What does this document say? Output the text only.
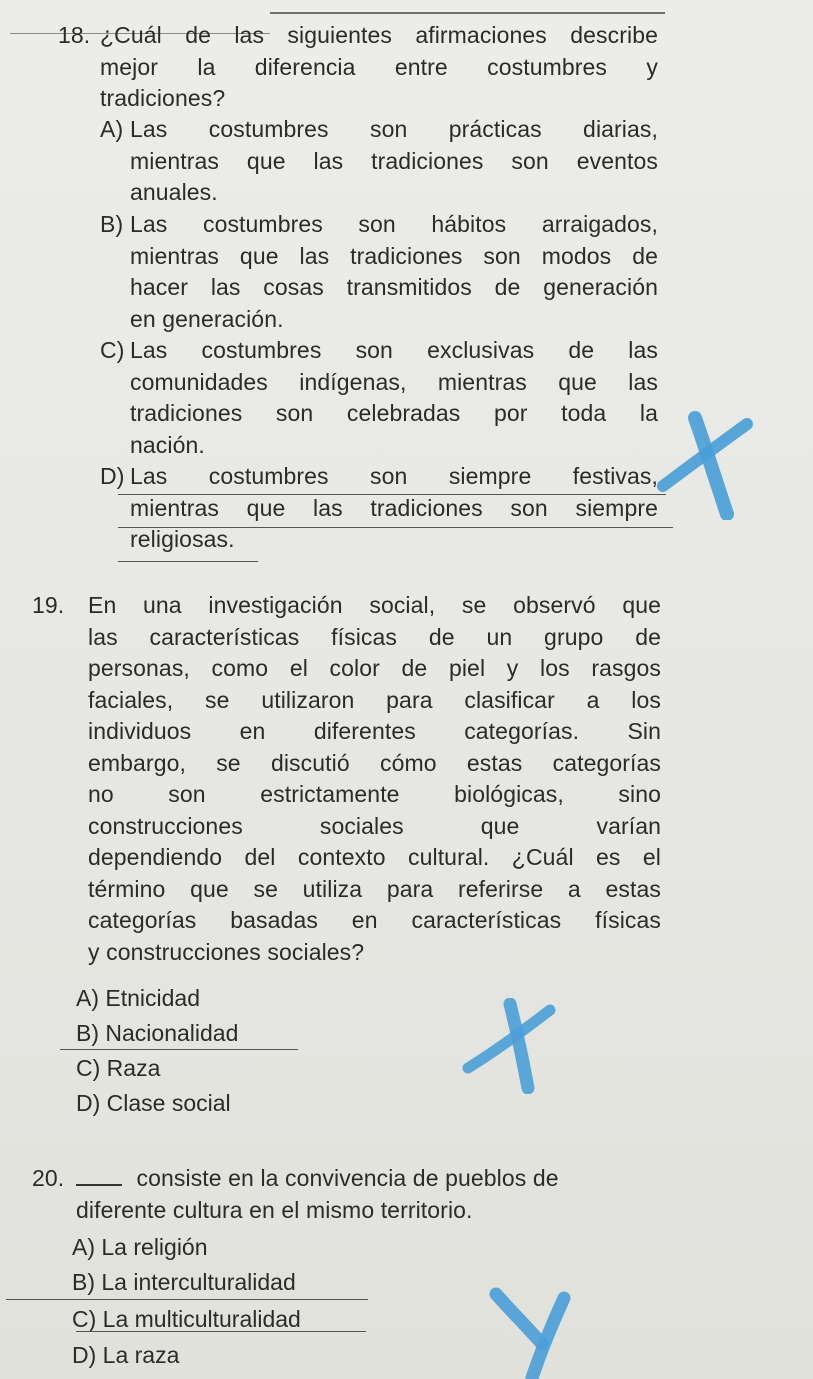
18. ¿Cuál de las siguientes afirmaciones describe
mejor la diferencia entre costumbres y
tradiciones?
A) Las costumbres son prácticas diarias,
mientras que las tradiciones son eventos
anuales.
B) Las costumbres son hábitos arraigados,
mientras que las tradiciones son modos de
hacer las cosas transmitidos de generación
en generación.
C) Las costumbres son exclusivas de las
comunidades indígenas, mientras que las
tradiciones son celebradas por toda la
nación.
D) Las costumbres son siempre festivas,
mientras que las tradiciones son siempre
religiosas.
19. En una investigación social, se observó que
las características físicas de un grupo de
personas, como el color de piel y los rasgos
faciales, se utilizaron para clasificar a los
individuos en diferentes categorías. Sin
embargo, se discutió cómo estas categorías
no son estrictamente biológicas, sino
construcciones sociales que varían
dependiendo del contexto cultural. ¿Cuál es el
término que se utiliza para referirse a estas
categorías basadas en características físicas
y construcciones sociales?
A) Etnicidad
B) Nacionalidad
C) Raza
D) Clase social
20.	consiste en la convivencia de pueblos de
diferente cultura en el mismo territorio.
A) La religión
B) La interculturalidad
C) La multiculturalidad
D) La raza
